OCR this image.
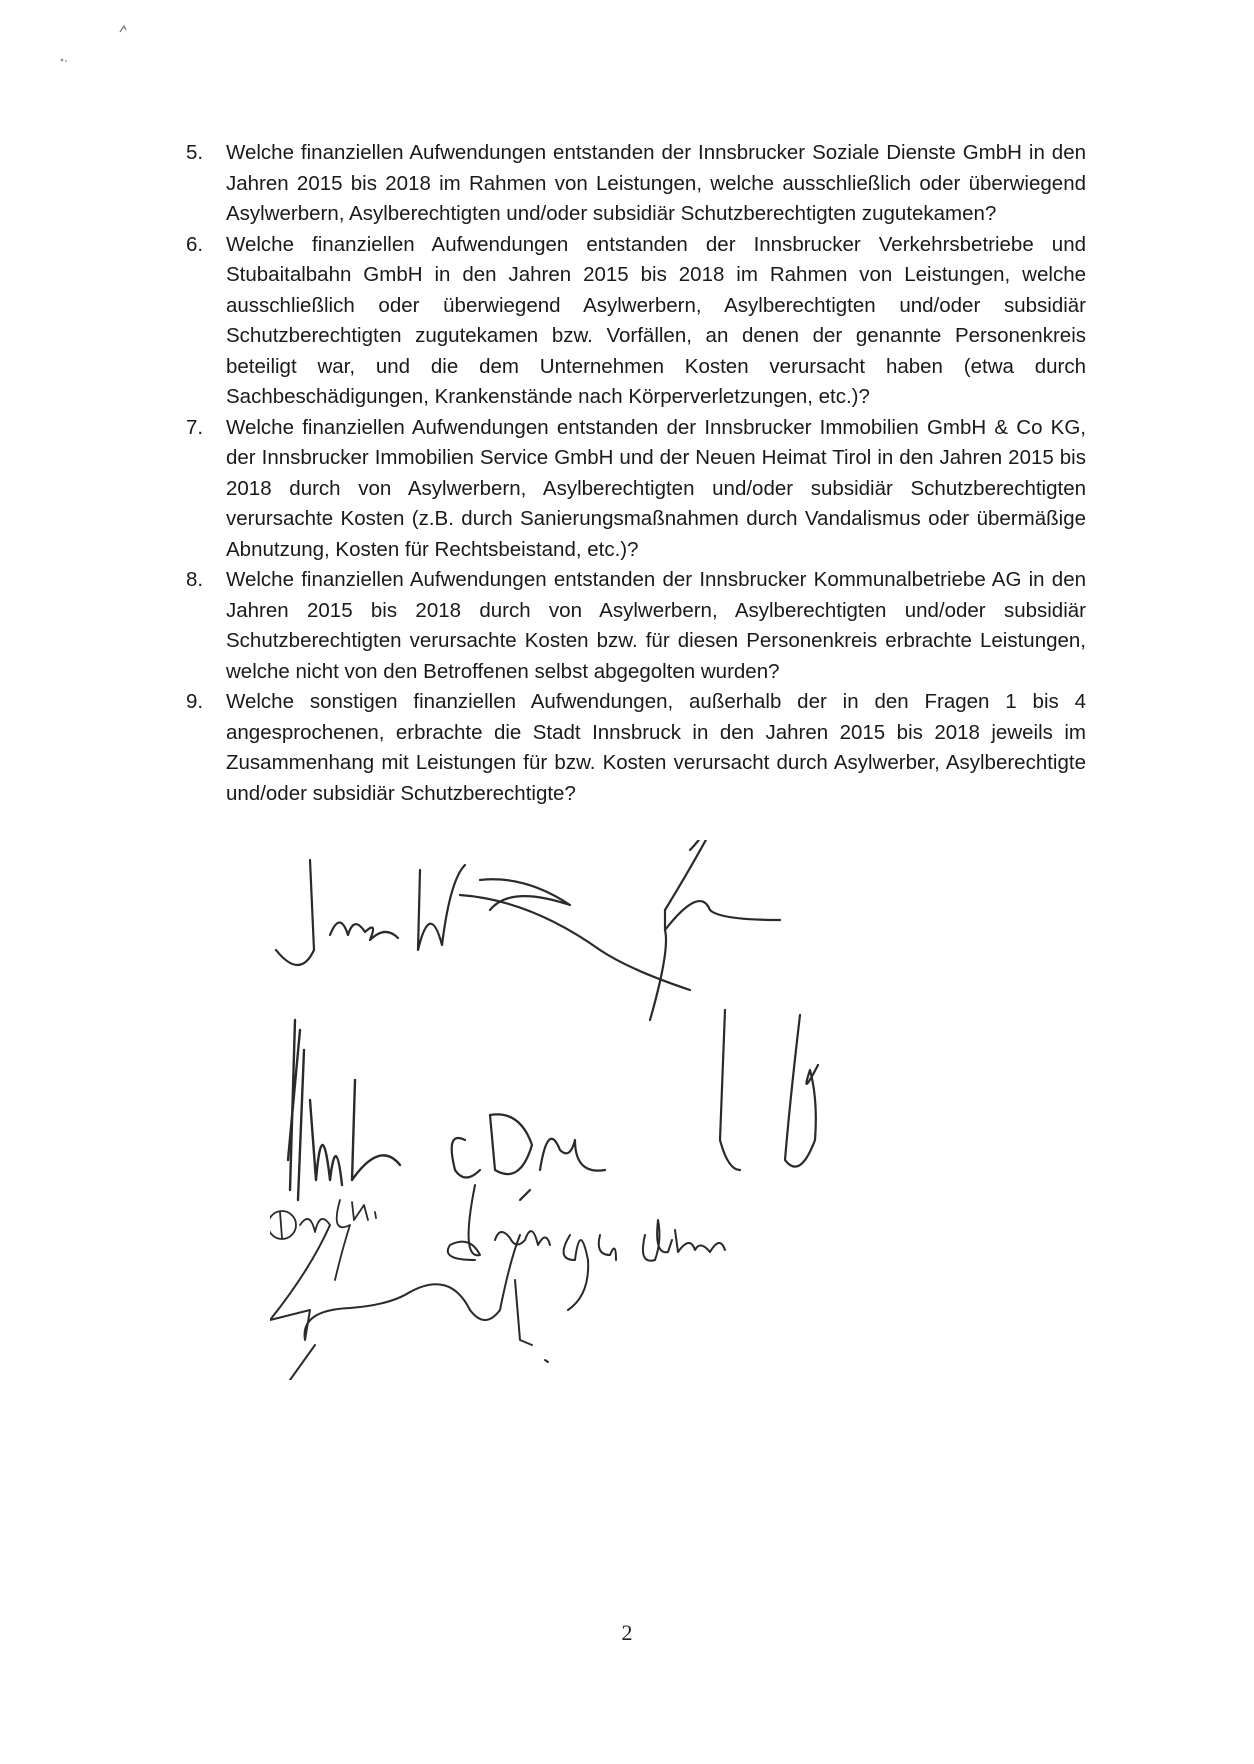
5.	Welche finanziellen Aufwendungen entstanden der Innsbrucker Soziale Dienste GmbH in den Jahren 2015 bis 2018 im Rahmen von Leistungen, welche ausschließlich oder überwiegend Asylwerbern, Asylberechtigten und/oder subsidiär Schutzberechtigten zugutekamen?
6.	Welche finanziellen Aufwendungen entstanden der Innsbrucker Verkehrsbetriebe und Stubaitalbahn GmbH in den Jahren 2015 bis 2018 im Rahmen von Leistungen, welche ausschließlich oder überwiegend Asylwerbern, Asylberechtigten und/oder subsidiär Schutzberechtigten zugutekamen bzw. Vorfällen, an denen der genannte Personenkreis beteiligt war, und die dem Unternehmen Kosten verursacht haben (etwa durch Sachbeschädigungen, Krankenstände nach Körperverletzungen, etc.)?
7.	Welche finanziellen Aufwendungen entstanden der Innsbrucker Immobilien GmbH & Co KG, der Innsbrucker Immobilien Service GmbH und der Neuen Heimat Tirol in den Jahren 2015 bis 2018 durch von Asylwerbern, Asylberechtigten und/oder subsidiär Schutzberechtigten verursachte Kosten (z.B. durch Sanierungsmaßnahmen durch Vandalismus oder übermäßige Abnutzung, Kosten für Rechtsbeistand, etc.)?
8.	Welche finanziellen Aufwendungen entstanden der Innsbrucker Kommunalbetriebe AG in den Jahren 2015 bis 2018 durch von Asylwerbern, Asylberechtigten und/oder subsidiär Schutzberechtigten verursachte Kosten bzw. für diesen Personenkreis erbrachte Leistungen, welche nicht von den Betroffenen selbst abgegolten wurden?
9.	Welche sonstigen finanziellen Aufwendungen, außerhalb der in den Fragen 1 bis 4 angesprochenen, erbrachte die Stadt Innsbruck in den Jahren 2015 bis 2018 jeweils im Zusammenhang mit Leistungen für bzw. Kosten verursacht durch Asylwerber, Asylberechtigte und/oder subsidiär Schutzberechtigte?
2
